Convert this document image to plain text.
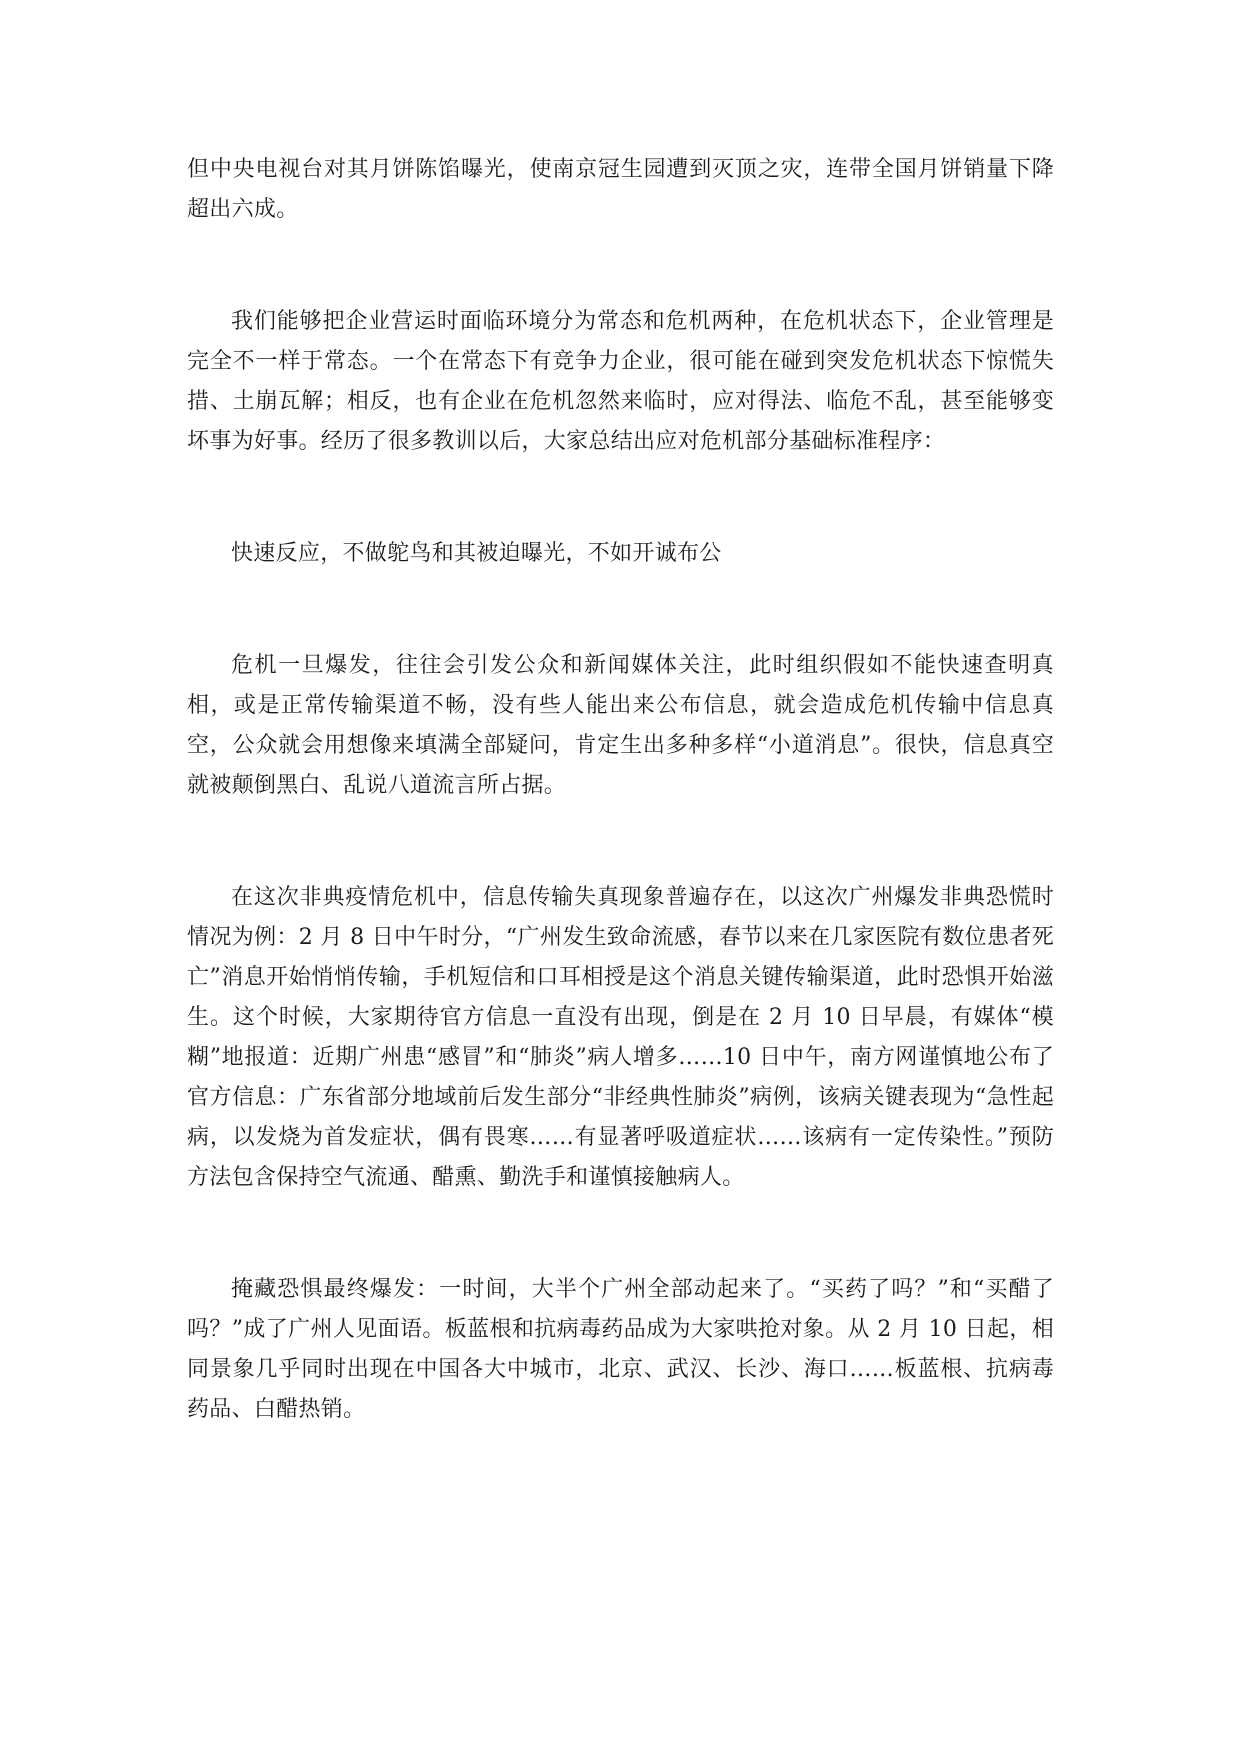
但中央电视台对其月饼陈馅曝光，使南京冠生园遭到灭顶之灾，连带全国月饼销量下降超出六成。

我们能够把企业营运时面临环境分为常态和危机两种，在危机状态下，企业管理是完全不一样于常态。一个在常态下有竞争力企业，很可能在碰到突发危机状态下惊慌失措、土崩瓦解；相反，也有企业在危机忽然来临时，应对得法、临危不乱，甚至能够变坏事为好事。经历了很多教训以后，大家总结出应对危机部分基础标准程序：

快速反应，不做鸵鸟和其被迫曝光，不如开诚布公

危机一旦爆发，往往会引发公众和新闻媒体关注，此时组织假如不能快速查明真相，或是正常传输渠道不畅，没有些人能出来公布信息，就会造成危机传输中信息真空，公众就会用想像来填满全部疑问，肯定生出多种多样“小道消息”。很快，信息真空就被颠倒黑白、乱说八道流言所占据。

在这次非典疫情危机中，信息传输失真现象普遍存在，以这次广州爆发非典恐慌时情况为例：2 月 8 日中午时分，“广州发生致命流感，春节以来在几家医院有数位患者死亡”消息开始悄悄传输，手机短信和口耳相授是这个消息关键传输渠道，此时恐惧开始滋生。这个时候，大家期待官方信息一直没有出现，倒是在 2 月 10 日早晨，有媒体“模糊”地报道：近期广州患“感冒”和“肺炎”病人增多……10 日中午，南方网谨慎地公布了官方信息：广东省部分地域前后发生部分“非经典性肺炎”病例，该病关键表现为“急性起病，以发烧为首发症状，偶有畏寒……有显著呼吸道症状……该病有一定传染性。”预防方法包含保持空气流通、醋熏、勤洗手和谨慎接触病人。

掩藏恐惧最终爆发：一时间，大半个广州全部动起来了。“买药了吗？”和“买醋了吗？”成了广州人见面语。板蓝根和抗病毒药品成为大家哄抢对象。从 2 月 10 日起，相同景象几乎同时出现在中国各大中城市，北京、武汉、长沙、海口……板蓝根、抗病毒药品、白醋热销。
